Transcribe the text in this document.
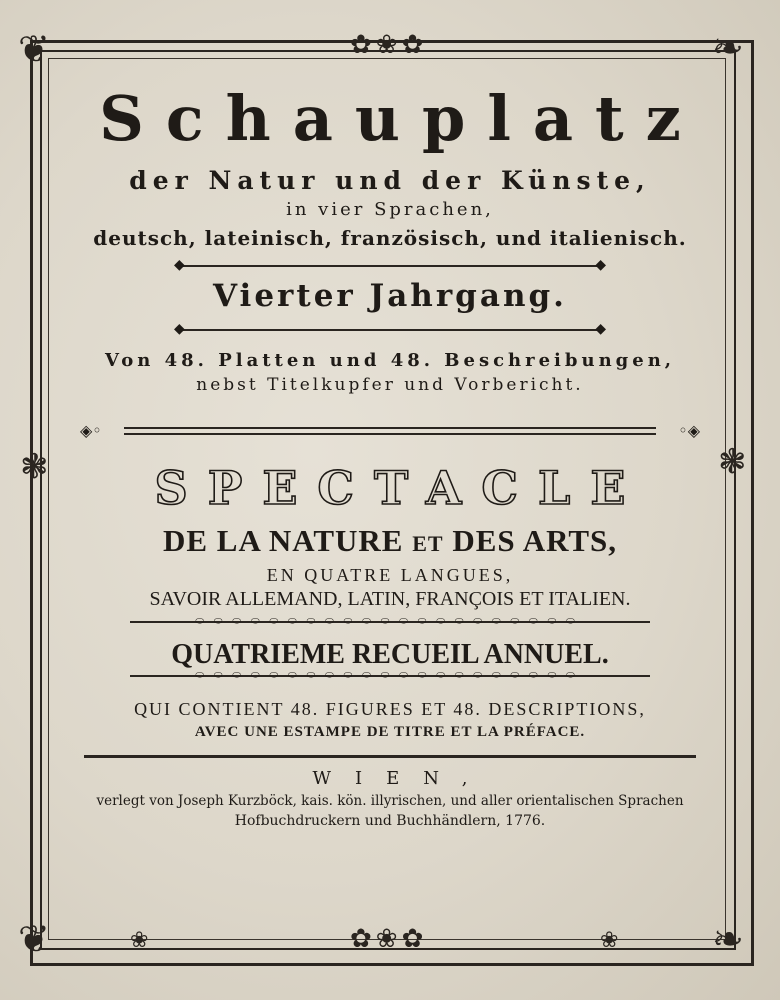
❦	❧
❦	❧
❃	❃
✿❀✿
✿❀✿	❀
❀
Schauplatz
der Natur und der Künste,
in vier Sprachen,
deutsch, lateinisch, französisch, und italienisch.
◆	◆
Vierter Jahrgang.
◆	◆
Von 48. Platten und 48. Beschreibungen,
nebst Titelkupfer und Vorbericht.
◈◦	◦◈
SPECTACLE
DE LA NATURE ET DES ARTS,
EN QUATRE LANGUES,
SAVOIR ALLEMAND, LATIN, FRANÇOIS ET ITALIEN.
⬭⬭⬭⬭⬭⬭⬭⬭⬭⬭⬭⬭⬭⬭⬭⬭⬭⬭⬭⬭⬭
QUATRIEME RECUEIL ANNUEL.
⬭⬭⬭⬭⬭⬭⬭⬭⬭⬭⬭⬭⬭⬭⬭⬭⬭⬭⬭⬭⬭
QUI CONTIENT 48. FIGURES ET 48. DESCRIPTIONS,
AVEC UNE ESTAMPE DE TITRE ET LA PRÉFACE.
WIEN,
verlegt von Joseph Kurzböck, kais. kön. illyrischen, und aller orientalischen Sprachen
Hofbuchdruckern und Buchhändlern, 1776.
